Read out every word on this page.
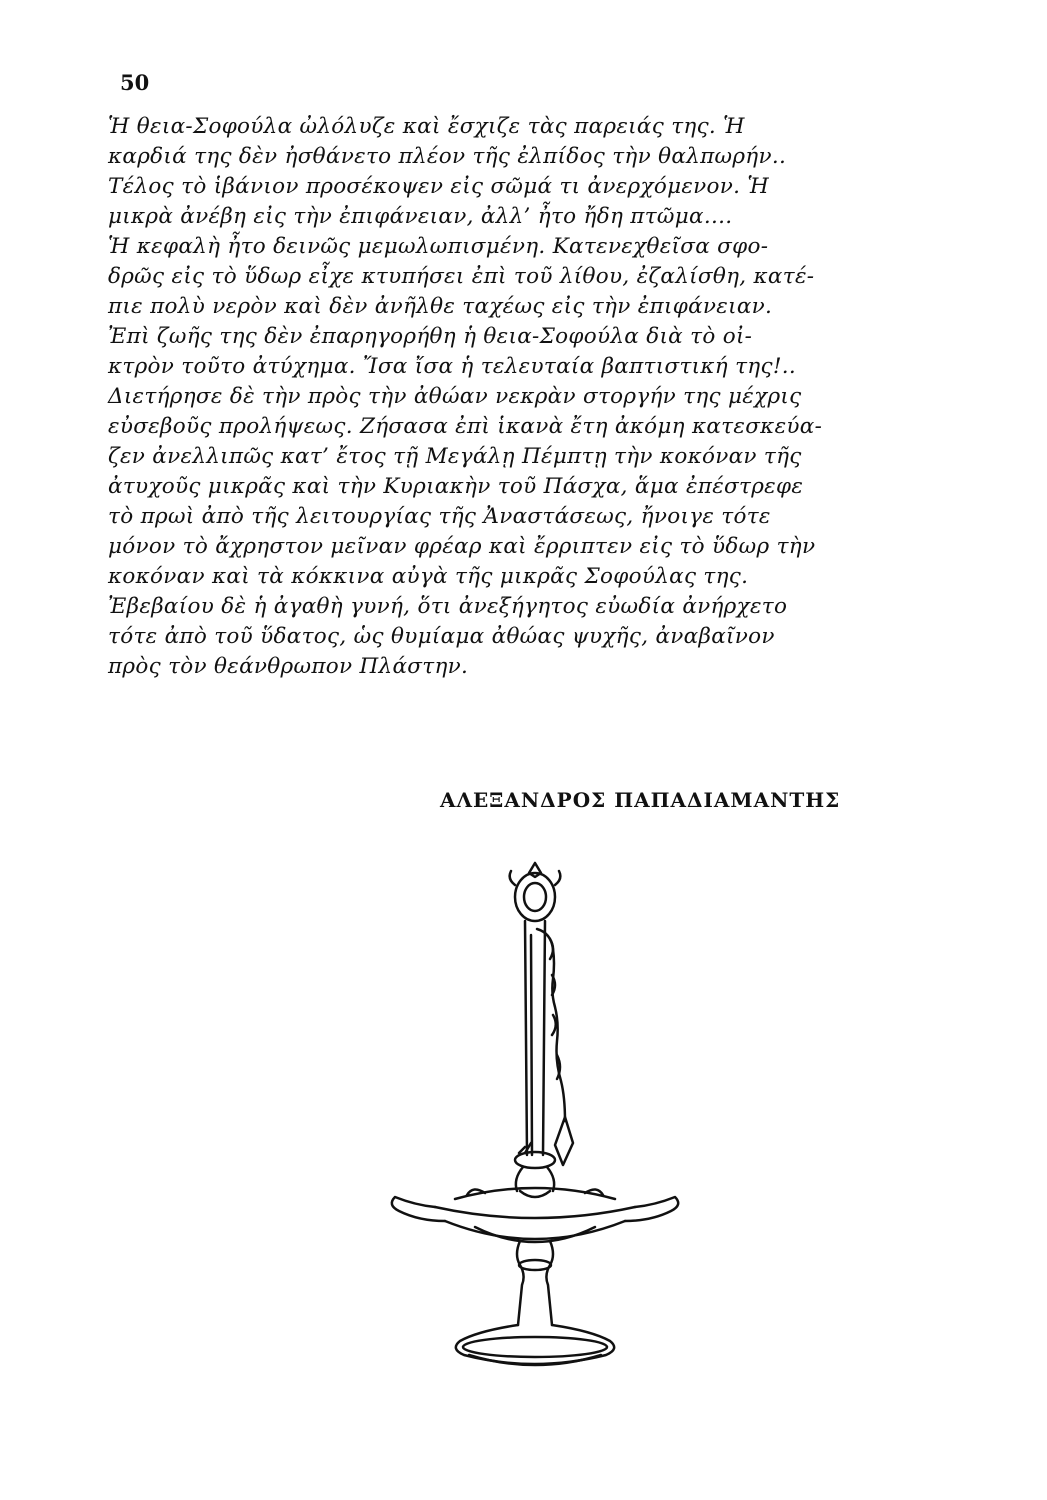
50
Ἡ θεια-Σοφούλα ὠλόλυζε καὶ ἔσχιζε τὰς παρειάς της. Ἡ
καρδιά της δὲν ἠσθάνετο πλέον τῆς ἐλπίδος τὴν θαλπωρήν..
Τέλος τὸ ἱβάνιον προσέκοψεν εἰς σῶμά τι ἀνερχόμενον. Ἡ
μικρὰ ἀνέβη εἰς τὴν ἐπιφάνειαν, ἀλλ’ ἦτο ἤδη πτῶμα....
Ἡ κεφαλὴ ἦτο δεινῶς μεμωλωπισμένη. Κατενεχθεῖσα σφο-
δρῶς εἰς τὸ ὕδωρ εἶχε κτυπήσει ἐπὶ τοῦ λίθου, ἐζαλίσθη, κατέ-
πιε πολὺ νερὸν καὶ δὲν ἀνῆλθε ταχέως εἰς τὴν ἐπιφάνειαν.
Ἐπὶ ζωῆς της δὲν ἐπαρηγορήθη ἡ θεια-Σοφούλα διὰ τὸ οἰ-
κτρὸν τοῦτο ἀτύχημα. Ἴσα ἴσα ἡ τελευταία βαπτιστική της!..
Διετήρησε δὲ τὴν πρὸς τὴν ἀθώαν νεκρὰν στοργήν της μέχρις
εὐσεβοῦς προλήψεως. Ζήσασα ἐπὶ ἱκανὰ ἔτη ἀκόμη κατεσκεύα-
ζεν ἀνελλιπῶς κατ’ ἔτος τῇ Μεγάλῃ Πέμπτῃ τὴν κοκόναν τῆς
ἀτυχοῦς μικρᾶς καὶ τὴν Κυριακὴν τοῦ Πάσχα, ἅμα ἐπέστρεφε
τὸ πρωὶ ἀπὸ τῆς λειτουργίας τῆς Ἀναστάσεως, ἤνοιγε τότε
μόνον τὸ ἄχρηστον μεῖναν φρέαρ καὶ ἔρριπτεν εἰς τὸ ὕδωρ τὴν
κοκόναν καὶ τὰ κόκκινα αὐγὰ τῆς μικρᾶς Σοφούλας της.
Ἐβεβαίου δὲ ἡ ἀγαθὴ γυνή, ὅτι ἀνεξήγητος εὐωδία ἀνήρχετο
τότε ἀπὸ τοῦ ὕδατος, ὡς θυμίαμα ἀθώας ψυχῆς, ἀναβαῖνον
πρὸς τὸν θεάνθρωπον Πλάστην.
ΑΛΕΞΑΝΔΡΟΣ ΠΑΠΑΔΙΑΜΑΝΤΗΣ
